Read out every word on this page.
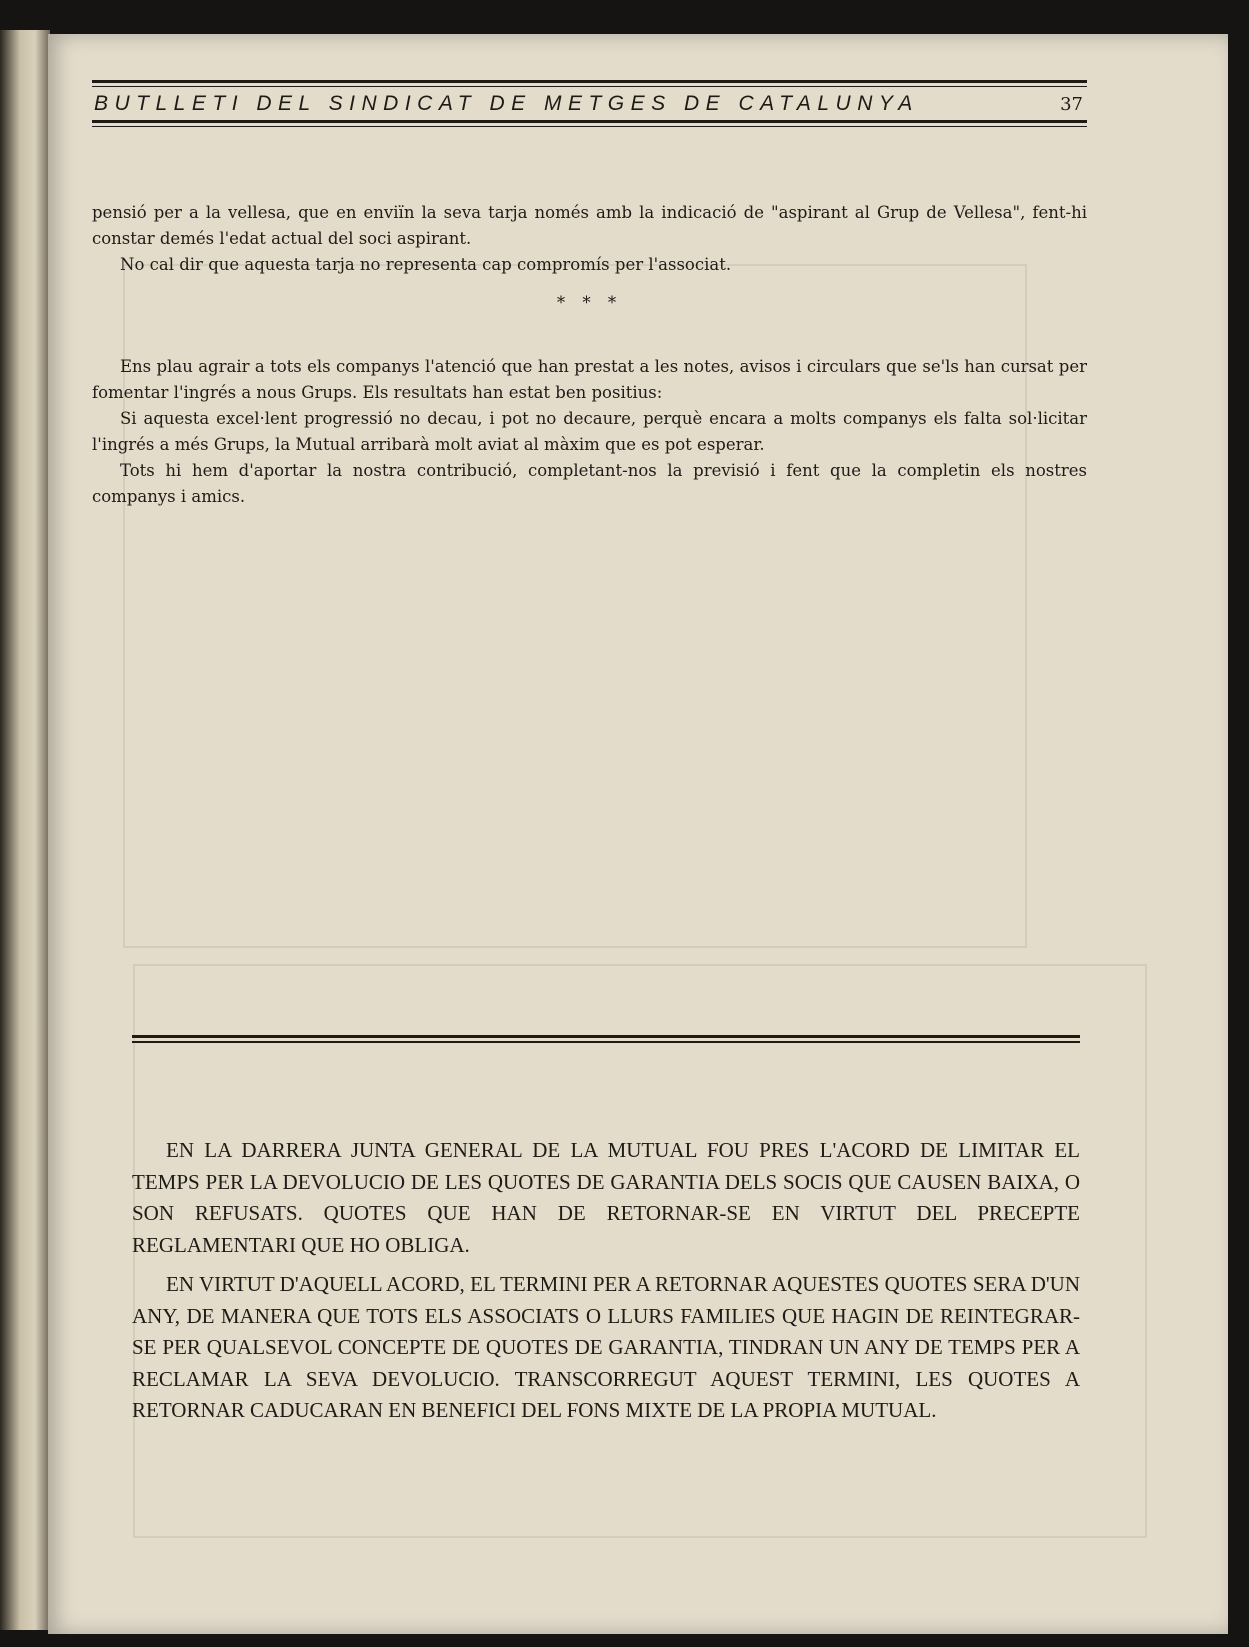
BUTLLETI DEL SINDICAT DE METGES DE CATALUNYA	37

pensió per a la vellesa, que en enviïn la seva tarja només amb la indicació de "aspirant al Grup de Vellesa", fent-hi constar demés l'edat actual del soci aspirant.

No cal dir que aquesta tarja no representa cap compromís per l'associat.

* * *

Ens plau agrair a tots els companys l'atenció que han prestat a les notes, avisos i circulars que se'ls han cursat per fomentar l'ingrés a nous Grups. Els resultats han estat ben positius:

Si aquesta excel·lent progressió no decau, i pot no decaure, perquè encara a molts companys els falta sol·licitar l'ingrés a més Grups, la Mutual arribarà molt aviat al màxim que es pot esperar.

Tots hi hem d'aportar la nostra contribució, completant-nos la previsió i fent que la completin els nostres companys i amics.

EN LA DARRERA JUNTA GENERAL DE LA MUTUAL FOU PRES L'ACORD DE LIMITAR EL TEMPS PER LA DEVOLUCIO DE LES QUOTES DE GARANTIA DELS SOCIS QUE CAUSEN BAIXA, O SON REFUSATS. QUOTES QUE HAN DE RETORNAR-SE EN VIRTUT DEL PRECEPTE REGLAMENTARI QUE HO OBLIGA.

EN VIRTUT D'AQUELL ACORD, EL TERMINI PER A RETORNAR AQUESTES QUOTES SERA D'UN ANY, DE MANERA QUE TOTS ELS ASSOCIATS O LLURS FAMILIES QUE HAGIN DE REINTEGRAR-SE PER QUALSEVOL CONCEPTE DE QUOTES DE GARANTIA, TINDRAN UN ANY DE TEMPS PER A RECLAMAR LA SEVA DEVOLUCIO. TRANSCORREGUT AQUEST TERMINI, LES QUOTES A RETORNAR CADUCARAN EN BENEFICI DEL FONS MIXTE DE LA PROPIA MUTUAL.
